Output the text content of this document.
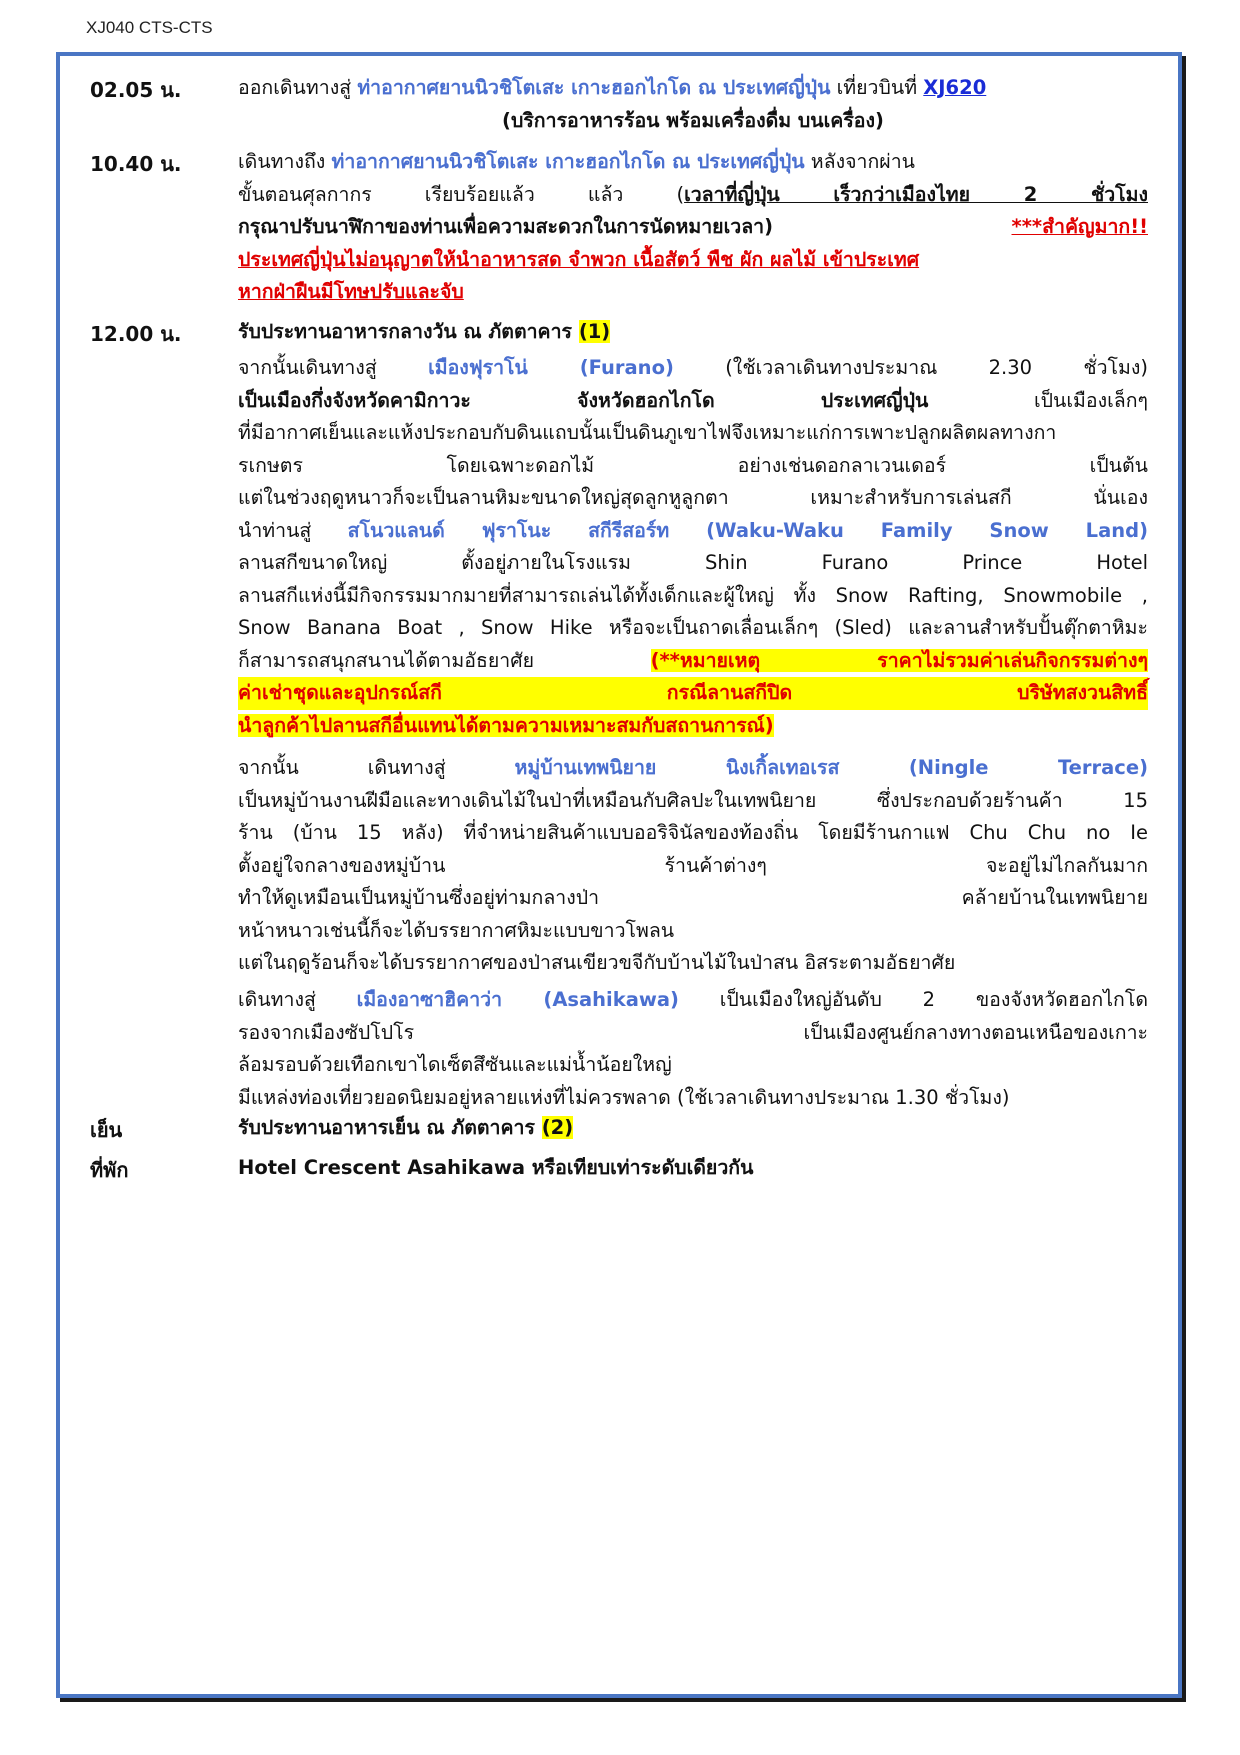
XJ040 CTS-CTS
02.05 น.	ออกเดินทางสู่ ท่าอากาศยานนิวชิโตเสะ เกาะฮอกไกโด ณ ประเทศญี่ปุ่น เที่ยวบินที่ XJ620
(บริการอาหารร้อน พร้อมเครื่องดื่ม บนเครื่อง)
10.40 น.	เดินทางถึง ท่าอากาศยานนิวชิโตเสะ เกาะฮอกไกโด ณ ประเทศญี่ปุ่น หลังจากผ่าน
ขั้นตอนศุลกากร เรียบร้อยแล้ว แล้ว (เวลาที่ญี่ปุ่น เร็วกว่าเมืองไทย 2 ชั่วโมง
กรุณาปรับนาฬิกาของท่านเพื่อความสะดวกในการนัดหมายเวลา) ***สำคัญมาก!!
ประเทศญี่ปุ่นไม่อนุญาตให้นำอาหารสด จำพวก เนื้อสัตว์ พืช ผัก ผลไม้ เข้าประเทศ
หากฝ่าฝืนมีโทษปรับและจับ
12.00 น.	รับประทานอาหารกลางวัน ณ ภัตตาคาร (1)
จากนั้นเดินทางสู่ เมืองฟุราโน่ (Furano) (ใช้เวลาเดินทางประมาณ 2.30 ชั่วโมง)
เป็นเมืองกึ่งจังหวัดคามิกาวะ จังหวัดฮอกไกโด ประเทศญี่ปุ่น เป็นเมืองเล็กๆ
ที่มีอากาศเย็นและแห้งประกอบกับดินแถบนั้นเป็นดินภูเขาไฟจึงเหมาะแก่การเพาะปลูกผลิตผลทางกา
รเกษตร โดยเฉพาะดอกไม้ อย่างเช่นดอกลาเวนเดอร์ เป็นต้น
แต่ในช่วงฤดูหนาวก็จะเป็นลานหิมะขนาดใหญ่สุดลูกหูลูกตา เหมาะสำหรับการเล่นสกี นั่นเอง
นำท่านสู่ สโนวแลนด์ ฟุราโนะ สกีรีสอร์ท (Waku-Waku Family Snow Land)
ลานสกีขนาดใหญ่ ตั้งอยู่ภายในโรงแรม Shin Furano Prince Hotel
ลานสกีแห่งนี้มีกิจกรรมมากมายที่สามารถเล่นได้ทั้งเด็กและผู้ใหญ่ ทั้ง Snow Rafting, Snowmobile ,
Snow Banana Boat , Snow Hike หรือจะเป็นถาดเลื่อนเล็กๆ (Sled) และลานสำหรับปั้นตุ๊กตาหิมะ
ก็สามารถสนุกสนานได้ตามอัธยาศัย (**หมายเหตุ ราคาไม่รวมค่าเล่นกิจกรรมต่างๆ
ค่าเช่าชุดและอุปกรณ์สกี กรณีลานสกีปิด บริษัทสงวนสิทธิ์
นำลูกค้าไปลานสกีอื่นแทนได้ตามความเหมาะสมกับสถานการณ์)
จากนั้น เดินทางสู่ หมู่บ้านเทพนิยาย นิงเกิ้ลเทอเรส (Ningle Terrace)
เป็นหมู่บ้านงานฝีมือและทางเดินไม้ในป่าที่เหมือนกับศิลปะในเทพนิยาย ซึ่งประกอบด้วยร้านค้า 15
ร้าน (บ้าน 15 หลัง) ที่จำหน่ายสินค้าแบบออริจินัลของท้องถิ่น โดยมีร้านกาแฟ Chu Chu no Ie
ตั้งอยู่ใจกลางของหมู่บ้าน ร้านค้าต่างๆ จะอยู่ไม่ไกลกันมาก
ทำให้ดูเหมือนเป็นหมู่บ้านซึ่งอยู่ท่ามกลางป่า คล้ายบ้านในเทพนิยาย
หน้าหนาวเช่นนี้ก็จะได้บรรยากาศหิมะแบบขาวโพลน
แต่ในฤดูร้อนก็จะได้บรรยากาศของป่าสนเขียวขจีกับบ้านไม้ในป่าสน อิสระตามอัธยาศัย
เดินทางสู่ เมืองอาซาฮิคาว่า (Asahikawa) เป็นเมืองใหญ่อันดับ 2 ของจังหวัดฮอกไกโด
รองจากเมืองซัปโปโร เป็นเมืองศูนย์กลางทางตอนเหนือของเกาะ
ล้อมรอบด้วยเทือกเขาไดเซ็ตสึซันและแม่น้ำน้อยใหญ่
มีแหล่งท่องเที่ยวยอดนิยมอยู่หลายแห่งที่ไม่ควรพลาด (ใช้เวลาเดินทางประมาณ 1.30 ชั่วโมง)
เย็น	รับประทานอาหารเย็น ณ ภัตตาคาร (2)
ที่พัก	Hotel Crescent Asahikawa หรือเทียบเท่าระดับเดียวกัน
